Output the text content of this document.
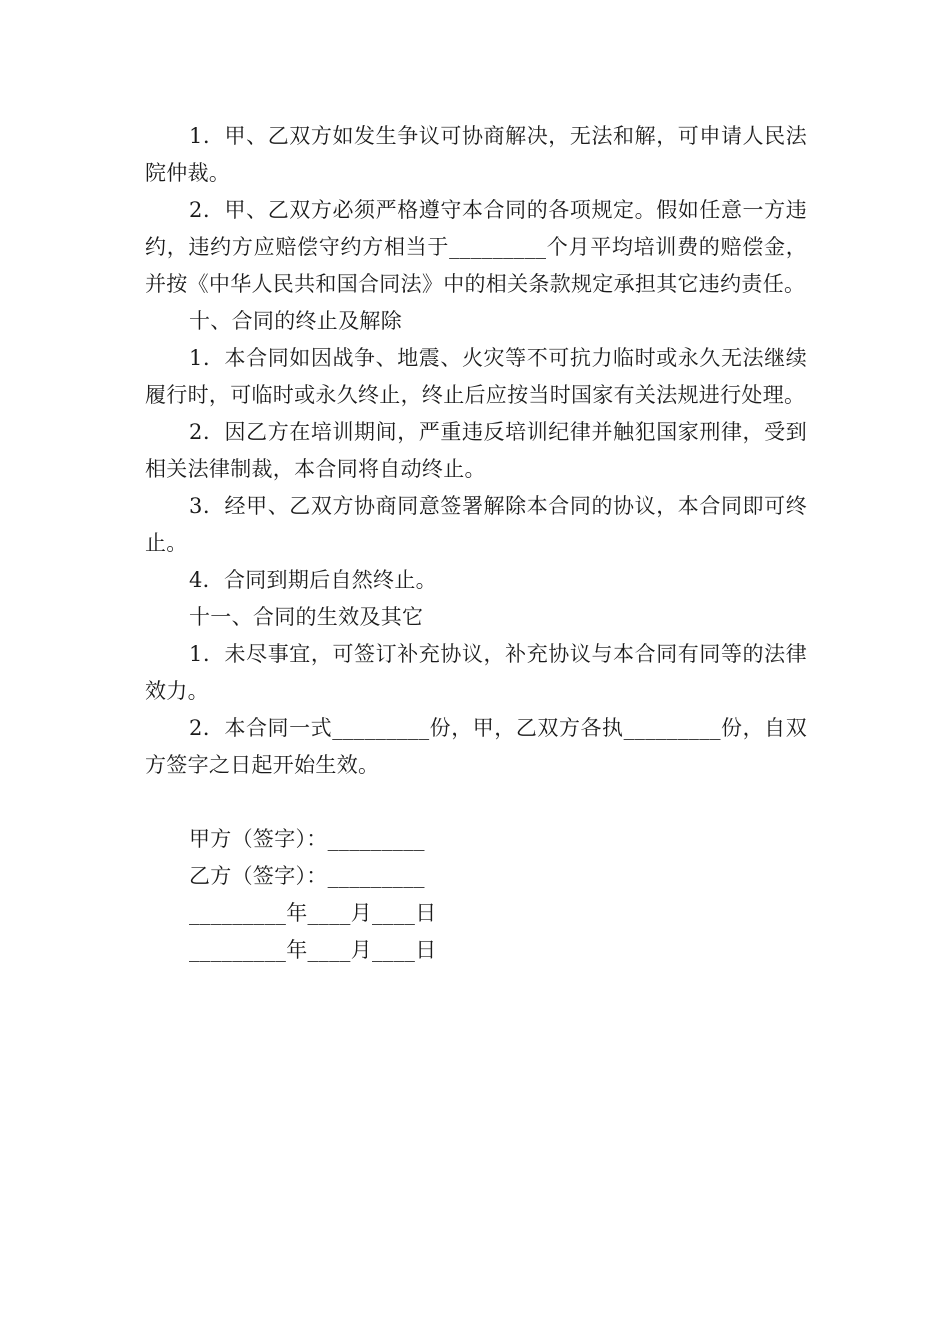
1．甲、乙双方如发生争议可协商解决，无法和解，可申请人民法院仲裁。

2．甲、乙双方必须严格遵守本合同的各项规定。假如任意一方违约，违约方应赔偿守约方相当于_________个月平均培训费的赔偿金，并按《中华人民共和国合同法》中的相关条款规定承担其它违约责任。

十、合同的终止及解除

1．本合同如因战争、地震、火灾等不可抗力临时或永久无法继续履行时，可临时或永久终止，终止后应按当时国家有关法规进行处理。

2．因乙方在培训期间，严重违反培训纪律并触犯国家刑律，受到相关法律制裁，本合同将自动终止。

3．经甲、乙双方协商同意签署解除本合同的协议，本合同即可终止。

4．合同到期后自然终止。

十一、合同的生效及其它

1．未尽事宜，可签订补充协议，补充协议与本合同有同等的法律效力。

2．本合同一式_________份，甲，乙双方各执_________份，自双方签字之日起开始生效。

甲方（签字）：_________

乙方（签字）：_________

_________年____月____日

_________年____月____日
